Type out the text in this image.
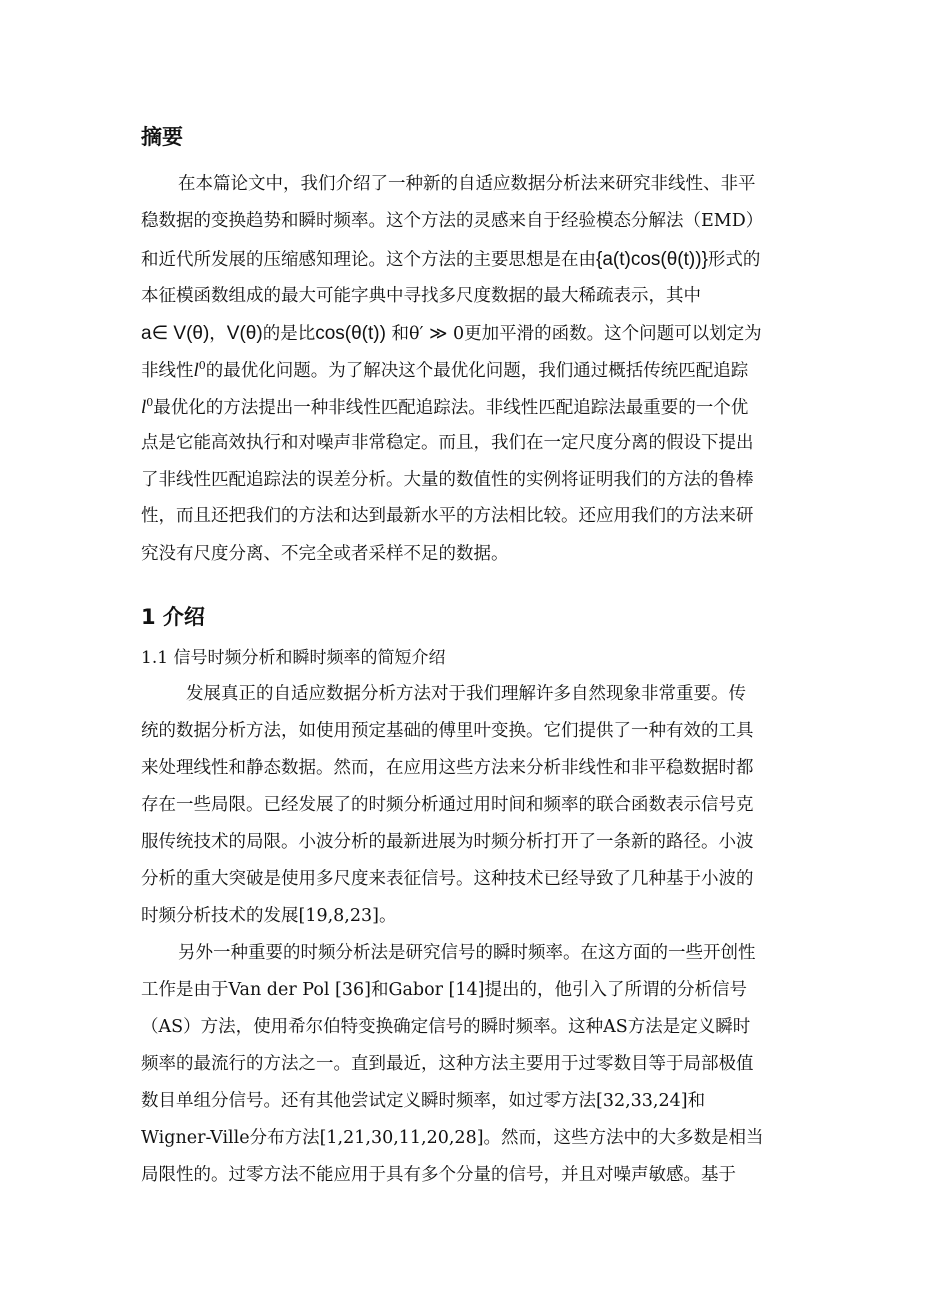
摘要
在本篇论文中，我们介绍了一种新的自适应数据分析法来研究非线性、非平
稳数据的变换趋势和瞬时频率。这个方法的灵感来自于经验模态分解法（EMD）
和近代所发展的压缩感知理论。这个方法的主要思想是在由{a(t)cos(θ(t))}形式的
本征模函数组成的最大可能字典中寻找多尺度数据的最大稀疏表示，其中
a∈ V(θ)，V(θ)的是比cos(θ(t)) 和θ′ ≫ 0更加平滑的函数。这个问题可以划定为
非线性$l^0$的最优化问题。为了解决这个最优化问题，我们通过概括传统匹配追踪
$l^0$最优化的方法提出一种非线性匹配追踪法。非线性匹配追踪法最重要的一个优
点是它能高效执行和对噪声非常稳定。而且，我们在一定尺度分离的假设下提出
了非线性匹配追踪法的误差分析。大量的数值性的实例将证明我们的方法的鲁棒
性，而且还把我们的方法和达到最新水平的方法相比较。还应用我们的方法来研
究没有尺度分离、不完全或者采样不足的数据。
1 介绍
1.1 信号时频分析和瞬时频率的简短介绍
发展真正的自适应数据分析方法对于我们理解许多自然现象非常重要。传
统的数据分析方法，如使用预定基础的傅里叶变换。它们提供了一种有效的工具
来处理线性和静态数据。然而，在应用这些方法来分析非线性和非平稳数据时都
存在一些局限。已经发展了的时频分析通过用时间和频率的联合函数表示信号克
服传统技术的局限。小波分析的最新进展为时频分析打开了一条新的路径。小波
分析的重大突破是使用多尺度来表征信号。这种技术已经导致了几种基于小波的
时频分析技术的发展[19,8,23]。
另外一种重要的时频分析法是研究信号的瞬时频率。在这方面的一些开创性
工作是由于Van der Pol [36]和Gabor [14]提出的，他引入了所谓的分析信号
（AS）方法，使用希尔伯特变换确定信号的瞬时频率。这种AS方法是定义瞬时
频率的最流行的方法之一。直到最近，这种方法主要用于过零数目等于局部极值
数目单组分信号。还有其他尝试定义瞬时频率，如过零方法[32,33,24]和
Wigner-Ville分布方法[1,21,30,11,20,28]。然而，这些方法中的大多数是相当
局限性的。过零方法不能应用于具有多个分量的信号，并且对噪声敏感。基于
